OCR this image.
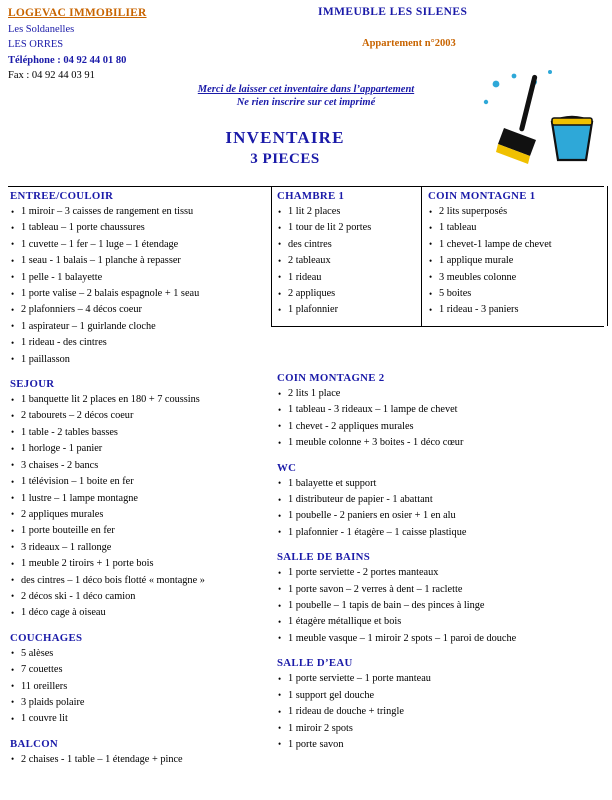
LOGEVAC IMMOBILIER
Les Soldanelles
LES ORRES
Téléphone : 04 92 44 01 80
Fax : 04 92 44 03 91
IMMEUBLE LES SILENES
Appartement n°2003
Merci de laisser cet inventaire dans l’appartement
Ne rien inscrire sur cet imprimé
INVENTAIRE
3 PIECES
ENTREE/COULOIR
• 1 miroir – 3 caisses de rangement en tissu
• 1 tableau – 1 porte chaussures
• 1 cuvette – 1 fer – 1 luge – 1 étendage
• 1 seau - 1 balais – 1 planche à repasser
• 1 pelle - 1 balayette
• 1 porte valise – 2 balais espagnole + 1 seau
• 2 plafonniers – 4 décos coeur
• 1 aspirateur – 1 guirlande cloche
• 1 rideau - des cintres
• 1 paillasson
SEJOUR
• 1 banquette lit 2 places en 180 + 7 coussins
• 2 tabourets – 2 décos coeur
• 1 table - 2 tables basses
• 1 horloge - 1 panier
• 3 chaises - 2 bancs
• 1 télévision – 1 boite en fer
• 1 lustre – 1 lampe montagne
• 2 appliques murales
• 1 porte bouteille en fer
• 3 rideaux – 1 rallonge
• 1 meuble 2 tiroirs + 1 porte bois
• des cintres – 1 déco bois flotté « montagne »
• 2 décos ski - 1 déco camion
• 1 déco cage à oiseau
COUCHAGES
• 5 alèses
• 7 couettes
• 11 oreillers
• 3 plaids polaire
• 1 couvre lit
BALCON
• 2 chaises - 1 table – 1 étendage + pince
CHAMBRE 1
• 1 lit 2 places
• 1 tour de lit 2 portes
• des cintres
• 2 tableaux
• 1 rideau
• 2 appliques
• 1 plafonnier
COIN MONTAGNE 1
• 2 lits superposés
• 1 tableau
• 1 chevet-1 lampe de chevet
• 1 applique murale
• 3 meubles colonne
• 5 boites
• 1 rideau - 3 paniers
COIN MONTAGNE 2
• 2 lits 1 place
• 1 tableau - 3 rideaux – 1 lampe de chevet
• 1 chevet - 2 appliques murales
• 1 meuble colonne + 3 boites - 1 déco cœur
WC
• 1 balayette et support
• 1 distributeur de papier - 1 abattant
• 1 poubelle - 2 paniers en osier + 1 en alu
• 1 plafonnier - 1 étagère – 1 caisse plastique
SALLE DE BAINS
• 1 porte serviette - 2 portes manteaux
• 1 porte savon – 2 verres à dent – 1 raclette
• 1 poubelle – 1 tapis de bain – des pinces à linge
• 1 étagère métallique et bois
• 1 meuble vasque – 1 miroir 2 spots – 1 paroi de douche
SALLE D’EAU
• 1 porte serviette – 1 porte manteau
• 1 support gel douche
• 1 rideau de douche + tringle
• 1 miroir 2 spots
• 1 porte savon
